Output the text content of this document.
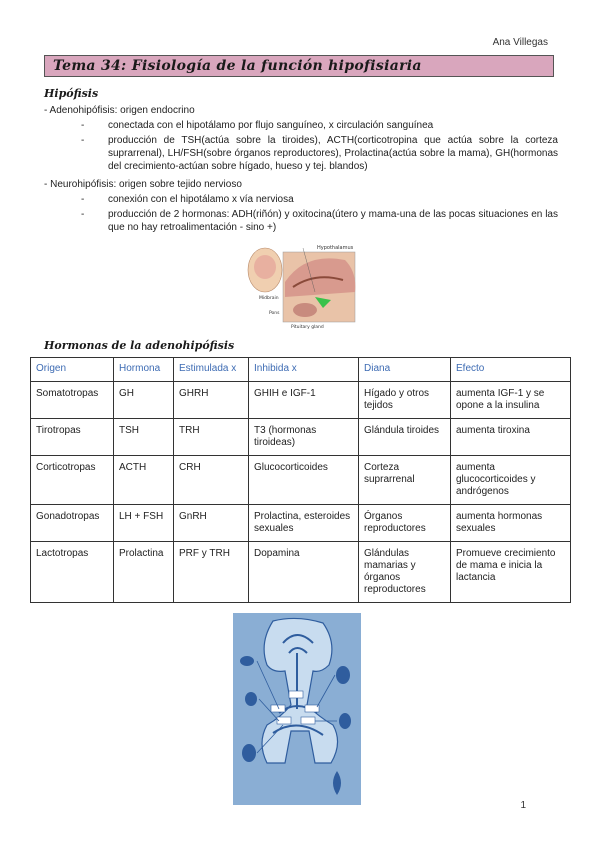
Ana Villegas
Tema 34: Fisiología de la función hipofisiaria
Hipófisis
- Adenohipófisis: origen endocrino
- conectada con el hipotálamo por flujo sanguíneo, x circulación sanguínea
- producción de TSH(actúa sobre la tiroides), ACTH(corticotropina que actúa sobre la corteza suprarrenal), LH/FSH(sobre órganos reproductores), Prolactina(actúa sobre la mama), GH(hormonas del crecimiento-actúan sobre hígado, hueso y tej. blandos)
- Neurohipófisis: origen sobre tejido nervioso
- conexión con el hipotálamo x vía nerviosa
- producción de 2 hormonas: ADH(riñón) y oxitocina(útero y mama-una de las pocas situaciones en las que no hay retroalimentación - sino +)
Hypothalamus
Midbrain
Pons
Pituitary gland
Hormonas de la adenohipófisis
Origen	Hormona	Estimulada x	Inhibida x	Diana	Efecto
Somatotropas	GH	GHRH	GHIH e IGF-1	Hígado y otros tejidos	aumenta IGF-1 y se opone a la insulina
Tirotropas	TSH	TRH	T3 (hormonas tiroideas)	Glándula tiroides	aumenta tiroxina
Corticotropas	ACTH	CRH	Glucocorticoides	Corteza suprarrenal	aumenta glucocorticoides y andrógenos
Gonadotropas	LH + FSH	GnRH	Prolactina, esteroides sexuales	Órganos reproductores	aumenta hormonas sexuales
Lactotropas	Prolactina	PRF y TRH	Dopamina	Glándulas mamarias y órganos reproductores	Promueve crecimiento de mama e inicia la lactancia
1
